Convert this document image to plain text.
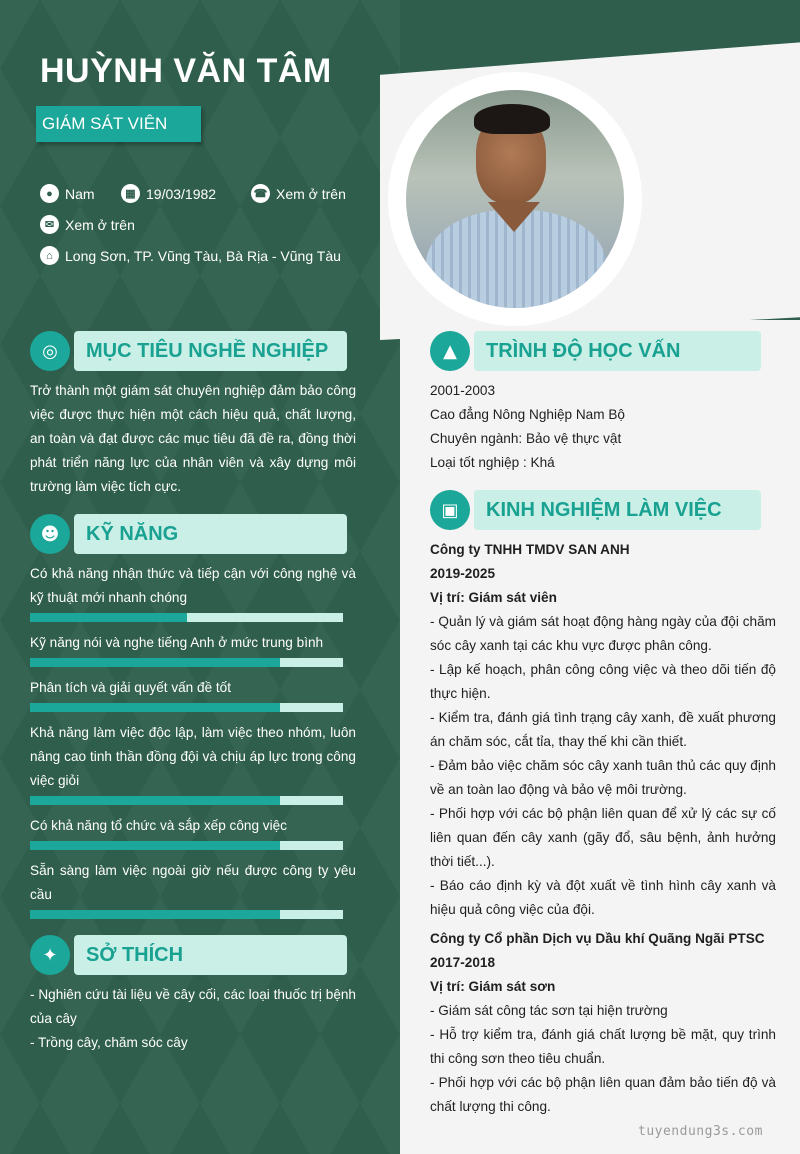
HUỲNH VĂN TÂM
GIÁM SÁT VIÊN
● Nam	▦ 19/03/1982	☎ Xem ở trên
✉ Xem ở trên
⌂ Long Sơn, TP. Vũng Tàu, Bà Rịa - Vũng Tàu
◎	MỤC TIÊU NGHỀ NGHIỆP
Trở thành một giám sát chuyên nghiệp đảm bảo công việc được thực hiện một cách hiệu quả, chất lượng, an toàn và đạt được các mục tiêu đã đề ra, đồng thời phát triển năng lực của nhân viên và xây dựng môi trường làm việc tích cực.
☻	KỸ NĂNG
Có khả năng nhận thức và tiếp cận với công nghệ và kỹ thuật mới nhanh chóng
Kỹ năng nói và nghe tiếng Anh ở mức trung bình
Phân tích và giải quyết vấn đề tốt
Khả năng làm việc độc lập, làm việc theo nhóm, luôn nâng cao tinh thần đồng đội và chịu áp lực trong công việc giỏi
Có khả năng tổ chức và sắp xếp công việc
Sẵn sàng làm việc ngoài giờ nếu được công ty yêu cầu
✦	SỞ THÍCH
- Nghiên cứu tài liệu về cây cối, các loại thuốc trị bệnh của cây
- Trồng cây, chăm sóc cây
▲	TRÌNH ĐỘ HỌC VẤN
2001-2003
Cao đẳng Nông Nghiệp Nam Bộ
Chuyên ngành: Bảo vệ thực vật
Loại tốt nghiệp : Khá
▣	KINH NGHIỆM LÀM VIỆC
Công ty TNHH TMDV SAN ANH
2019-2025
Vị trí: Giám sát viên
- Quản lý và giám sát hoạt động hàng ngày của đội chăm sóc cây xanh tại các khu vực được phân công.
- Lập kế hoạch, phân công công việc và theo dõi tiến độ thực hiện.
- Kiểm tra, đánh giá tình trạng cây xanh, đề xuất phương án chăm sóc, cắt tỉa, thay thế khi cần thiết.
- Đảm bảo việc chăm sóc cây xanh tuân thủ các quy định về an toàn lao động và bảo vệ môi trường.
- Phối hợp với các bộ phận liên quan để xử lý các sự cố liên quan đến cây xanh (gãy đổ, sâu bệnh, ảnh hưởng thời tiết...).
- Báo cáo định kỳ và đột xuất về tình hình cây xanh và hiệu quả công việc của đội.
Công ty Cổ phần Dịch vụ Dầu khí Quãng Ngãi PTSC
2017-2018
Vị trí: Giám sát sơn
- Giám sát công tác sơn tại hiện trường
- Hỗ trợ kiểm tra, đánh giá chất lượng bề mặt, quy trình thi công sơn theo tiêu chuẩn.
- Phối hợp với các bộ phận liên quan đảm bảo tiến độ và chất lượng thi công.
tuyendung3s.com
